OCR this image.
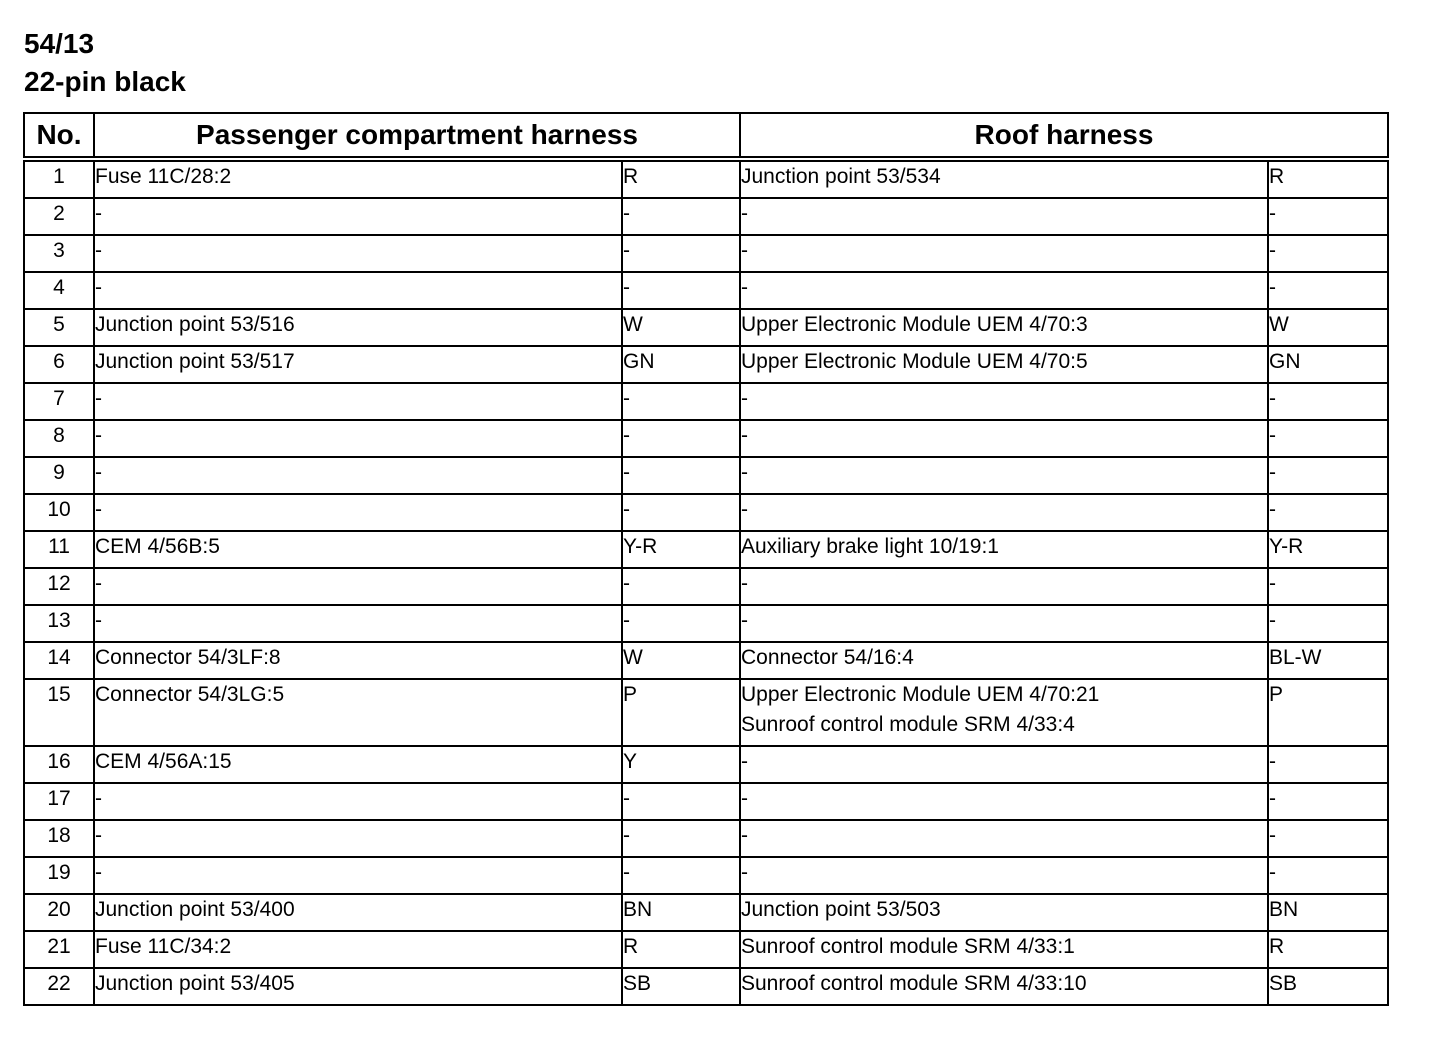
54/13
22-pin black
No.	Passenger compartment harness		Roof harness	
1	Fuse 11C/28:2	R	Junction point 53/534	R
2	-	-	-	-
3	-	-	-	-
4	-	-	-	-
5	Junction point 53/516	W	Upper Electronic Module UEM 4/70:3	W
6	Junction point 53/517	GN	Upper Electronic Module UEM 4/70:5	GN
7	-	-	-	-
8	-	-	-	-
9	-	-	-	-
10	-	-	-	-
11	CEM 4/56B:5	Y-R	Auxiliary brake light 10/19:1	Y-R
12	-	-	-	-
13	-	-	-	-
14	Connector 54/3LF:8	W	Connector 54/16:4	BL-W
15	Connector 54/3LG:5	P	Upper Electronic Module UEM 4/70:21
Sunroof control module SRM 4/33:4	P
16	CEM 4/56A:15	Y	-	-
17	-	-	-	-
18	-	-	-	-
19	-	-	-	-
20	Junction point 53/400	BN	Junction point 53/503	BN
21	Fuse 11C/34:2	R	Sunroof control module SRM 4/33:1	R
22	Junction point 53/405	SB	Sunroof control module SRM 4/33:10	SB
